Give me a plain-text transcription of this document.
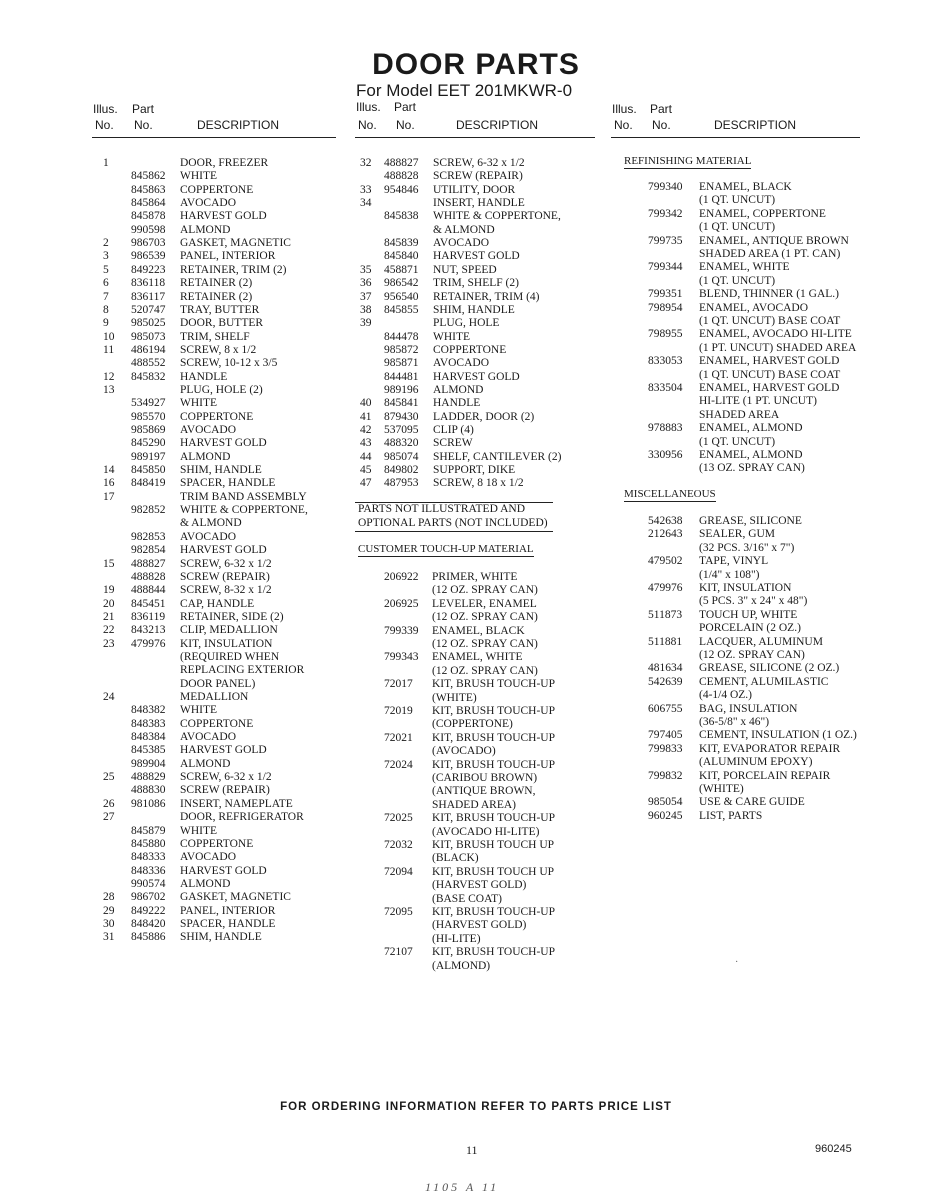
DOOR PARTS
For Model EET 201MKWR-0
Illus.
No.
Part
No.	DESCRIPTION
Illus.
No.
Part
No.	DESCRIPTION
Illus.
No.
Part
No.	DESCRIPTION
1	DOOR, FREEZER
845862 WHITE
845863 COPPERTONE
845864 AVOCADO
845878 HARVEST GOLD
990598 ALMOND
2 986703 GASKET, MAGNETIC
3 986539 PANEL, INTERIOR
5 849223 RETAINER, TRIM (2)
6 836118 RETAINER (2)
7 836117 RETAINER (2)
8 520747 TRAY, BUTTER
9 985025 DOOR, BUTTER
10 985073 TRIM, SHELF
11 486194 SCREW, 8 x 1/2
488552 SCREW, 10-12 x 3/5
12 845832 HANDLE
13	PLUG, HOLE (2)
534927 WHITE
985570 COPPERTONE
985869 AVOCADO
845290 HARVEST GOLD
989197 ALMOND
14 845850 SHIM, HANDLE
16 848419 SPACER, HANDLE
17	TRIM BAND ASSEMBLY
982852 WHITE & COPPERTONE,
& ALMOND
982853 AVOCADO
982854 HARVEST GOLD
15 488827 SCREW, 6-32 x 1/2
488828 SCREW (REPAIR)
19 488844 SCREW, 8-32 x 1/2
20 845451 CAP, HANDLE
21 836119 RETAINER, SIDE (2)
22 843213 CLIP, MEDALLION
23 479976 KIT, INSULATION
(REQUIRED WHEN
REPLACING EXTERIOR
DOOR PANEL)
24	MEDALLION
848382 WHITE
848383 COPPERTONE
848384 AVOCADO
845385 HARVEST GOLD
989904 ALMOND
25 488829 SCREW, 6-32 x 1/2
488830 SCREW (REPAIR)
26 981086 INSERT, NAMEPLATE
27	DOOR, REFRIGERATOR
845879 WHITE
845880 COPPERTONE
848333 AVOCADO
848336 HARVEST GOLD
990574 ALMOND
28 986702 GASKET, MAGNETIC
29 849222 PANEL, INTERIOR
30 848420 SPACER, HANDLE
31 845886 SHIM, HANDLE
32 488827 SCREW, 6-32 x 1/2
488828 SCREW (REPAIR)
33 954846 UTILITY, DOOR
34	INSERT, HANDLE
845838 WHITE & COPPERTONE,
& ALMOND
845839 AVOCADO
845840 HARVEST GOLD
35 458871 NUT, SPEED
36 986542 TRIM, SHELF (2)
37 956540 RETAINER, TRIM (4)
38 845855 SHIM, HANDLE
39	PLUG, HOLE
844478 WHITE
985872 COPPERTONE
985871 AVOCADO
844481 HARVEST GOLD
989196 ALMOND
40 845841 HANDLE
41 879430 LADDER, DOOR (2)
42 537095 CLIP (4)
43 488320 SCREW
44 985074 SHELF, CANTILEVER (2)
45 849802 SUPPORT, DIKE
47 487953 SCREW, 8 18 x 1/2
206922 PRIMER, WHITE
(12 OZ. SPRAY CAN)
206925 LEVELER, ENAMEL
(12 OZ. SPRAY CAN)
799339 ENAMEL, BLACK
(12 OZ. SPRAY CAN)
799343 ENAMEL, WHITE
(12 OZ. SPRAY CAN)
72017 KIT, BRUSH TOUCH-UP
(WHITE)
72019 KIT, BRUSH TOUCH-UP
(COPPERTONE)
72021 KIT, BRUSH TOUCH-UP
(AVOCADO)
72024 KIT, BRUSH TOUCH-UP
(CARIBOU BROWN)
(ANTIQUE BROWN,
SHADED AREA)
72025 KIT, BRUSH TOUCH-UP
(AVOCADO HI-LITE)
72032 KIT, BRUSH TOUCH UP
(BLACK)
72094 KIT, BRUSH TOUCH UP
(HARVEST GOLD)
(BASE COAT)
72095 KIT, BRUSH TOUCH-UP
(HARVEST GOLD)
(HI-LITE)
72107 KIT, BRUSH TOUCH-UP
(ALMOND)
799340 ENAMEL, BLACK
(1 QT. UNCUT)
799342 ENAMEL, COPPERTONE
(1 QT. UNCUT)
799735 ENAMEL, ANTIQUE BROWN
SHADED AREA (1 PT. CAN)
799344 ENAMEL, WHITE
(1 QT. UNCUT)
799351 BLEND, THINNER (1 GAL.)
798954 ENAMEL, AVOCADO
(1 QT. UNCUT) BASE COAT
798955 ENAMEL, AVOCADO HI-LITE
(1 PT. UNCUT) SHADED AREA
833053 ENAMEL, HARVEST GOLD
(1 QT. UNCUT) BASE COAT
833504 ENAMEL, HARVEST GOLD
HI-LITE (1 PT. UNCUT)
SHADED AREA
978883 ENAMEL, ALMOND
(1 QT. UNCUT)
330956 ENAMEL, ALMOND
(13 OZ. SPRAY CAN)
542638 GREASE, SILICONE
212643 SEALER, GUM
(32 PCS. 3/16" x 7")
479502 TAPE, VINYL
(1/4" x 108")
479976 KIT, INSULATION
(5 PCS. 3" x 24" x 48")
511873 TOUCH UP, WHITE
PORCELAIN (2 OZ.)
511881 LACQUER, ALUMINUM
(12 OZ. SPRAY CAN)
481634 GREASE, SILICONE (2 OZ.)
542639 CEMENT, ALUMILASTIC
(4-1/4 OZ.)
606755 BAG, INSULATION
(36-5/8" x 46")
797405 CEMENT, INSULATION (1 OZ.)
799833 KIT, EVAPORATOR REPAIR
(ALUMINUM EPOXY)
799832 KIT, PORCELAIN REPAIR
(WHITE)
985054 USE & CARE GUIDE
960245 LIST, PARTS
PARTS NOT ILLUSTRATED AND
OPTIONAL PARTS (NOT INCLUDED)
CUSTOMER TOUCH-UP MATERIAL
REFINISHING MATERIAL
MISCELLANEOUS
FOR ORDERING INFORMATION REFER TO PARTS PRICE LIST
11	960245
1105 A 11
·
